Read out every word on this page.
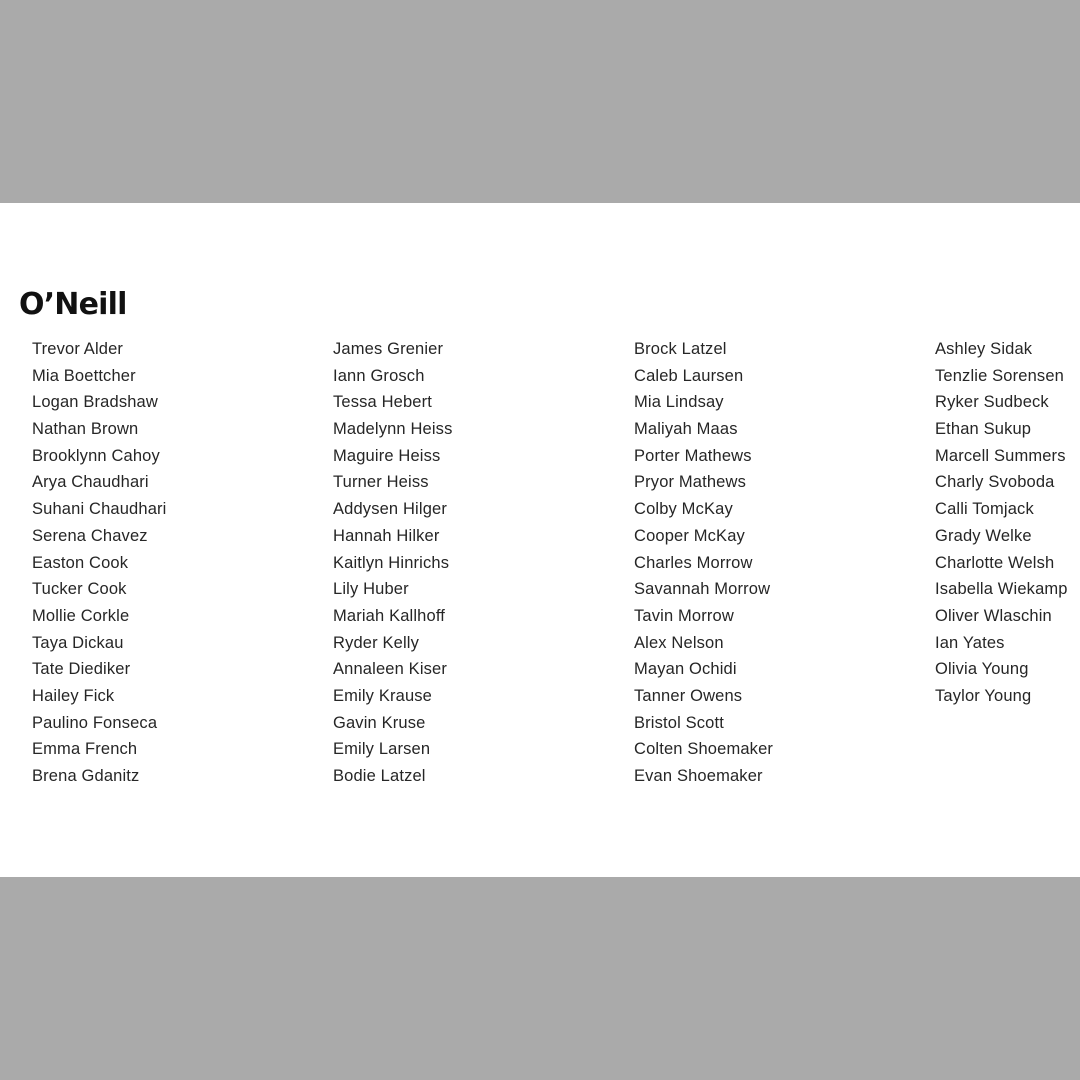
O’Neill
Trevor Alder
Mia Boettcher
Logan Bradshaw
Nathan Brown
Brooklynn Cahoy
Arya Chaudhari
Suhani Chaudhari
Serena Chavez
Easton Cook
Tucker Cook
Mollie Corkle
Taya Dickau
Tate Diediker
Hailey Fick
Paulino Fonseca
Emma French
Brena Gdanitz
James Grenier
Iann Grosch
Tessa Hebert
Madelynn Heiss
Maguire Heiss
Turner Heiss
Addysen Hilger
Hannah Hilker
Kaitlyn Hinrichs
Lily Huber
Mariah Kallhoff
Ryder Kelly
Annaleen Kiser
Emily Krause
Gavin Kruse
Emily Larsen
Bodie Latzel
Brock Latzel
Caleb Laursen
Mia Lindsay
Maliyah Maas
Porter Mathews
Pryor Mathews
Colby McKay
Cooper McKay
Charles Morrow
Savannah Morrow
Tavin Morrow
Alex Nelson
Mayan Ochidi
Tanner Owens
Bristol Scott
Colten Shoemaker
Evan Shoemaker
Ashley Sidak
Tenzlie Sorensen
Ryker Sudbeck
Ethan Sukup
Marcell Summers
Charly Svoboda
Calli Tomjack
Grady Welke
Charlotte Welsh
Isabella Wiekamp
Oliver Wlaschin
Ian Yates
Olivia Young
Taylor Young
